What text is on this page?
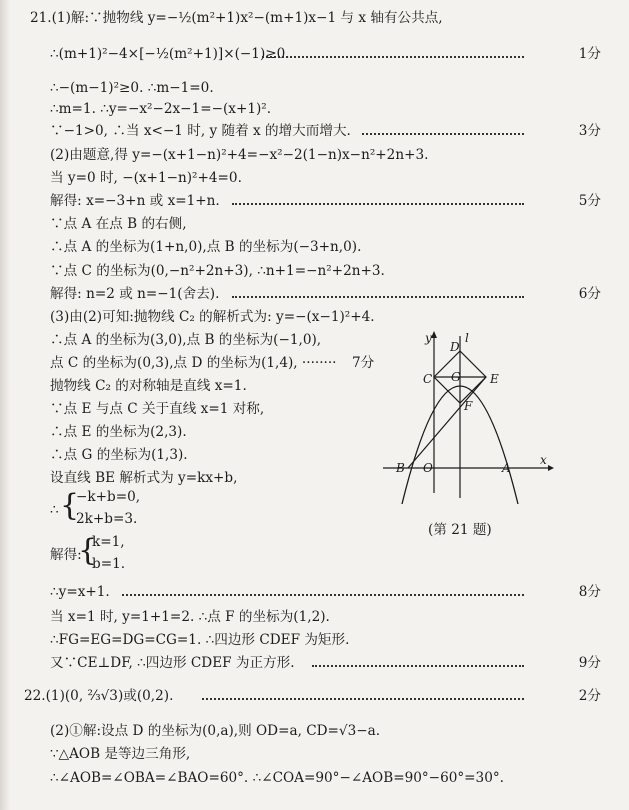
21.(1)解:∵抛物线 y=−½(m²+1)x²−(m+1)x−1 与 x 轴有公共点,
∴(m+1)²−4×[−½(m²+1)]×(−1)≥0.	1分
∴−(m−1)²≥0. ∴m−1=0.
∴m=1. ∴y=−x²−2x−1=−(x+1)².
∵−1>0, ∴当 x<−1 时, y 随着 x 的增大而增大.	3分
(2)由题意,得 y=−(x+1−n)²+4=−x²−2(1−n)x−n²+2n+3.
当 y=0 时, −(x+1−n)²+4=0.
解得: x=−3+n 或 x=1+n.	5分
∵点 A 在点 B 的右侧,
∴点 A 的坐标为(1+n,0),点 B 的坐标为(−3+n,0).
∵点 C 的坐标为(0,−n²+2n+3), ∴n+1=−n²+2n+3.
解得: n=2 或 n=−1(舍去).	6分
(3)由(2)可知:抛物线 C₂ 的解析式为: y=−(x−1)²+4.
∴点 A 的坐标为(3,0),点 B 的坐标为(−1,0),
点 C 的坐标为(0,3),点 D 的坐标为(1,4), ········ 7分
抛物线 C₂ 的对称轴是直线 x=1.
∵点 E 与点 C 关于直线 x=1 对称,
∴点 E 的坐标为(2,3).
∴点 G 的坐标为(1,3).
设直线 BE 解析式为 y=kx+b,
∴ {
−k+b=0,
2k+b=3.
解得:
{
k=1,
b=1.
∴y=x+1.	8分
当 x=1 时, y=1+1=2. ∴点 F 的坐标为(1,2).
∴FG=EG=DG=CG=1. ∴四边形 CDEF 为矩形.
又∵CE⊥DF, ∴四边形 CDEF 为正方形.	9分
22.(1)(0, ⅔√3)或(0,2).	2分
(2)①解:设点 D 的坐标为(0,a),则 OD=a, CD=√3−a.
∵△AOB 是等边三角形,
∴∠AOB=∠OBA=∠BAO=60°. ∴∠COA=90°−∠AOB=90°−60°=30°.
y	l
D
C G E
F
B O	A
x
(第 21 题)
